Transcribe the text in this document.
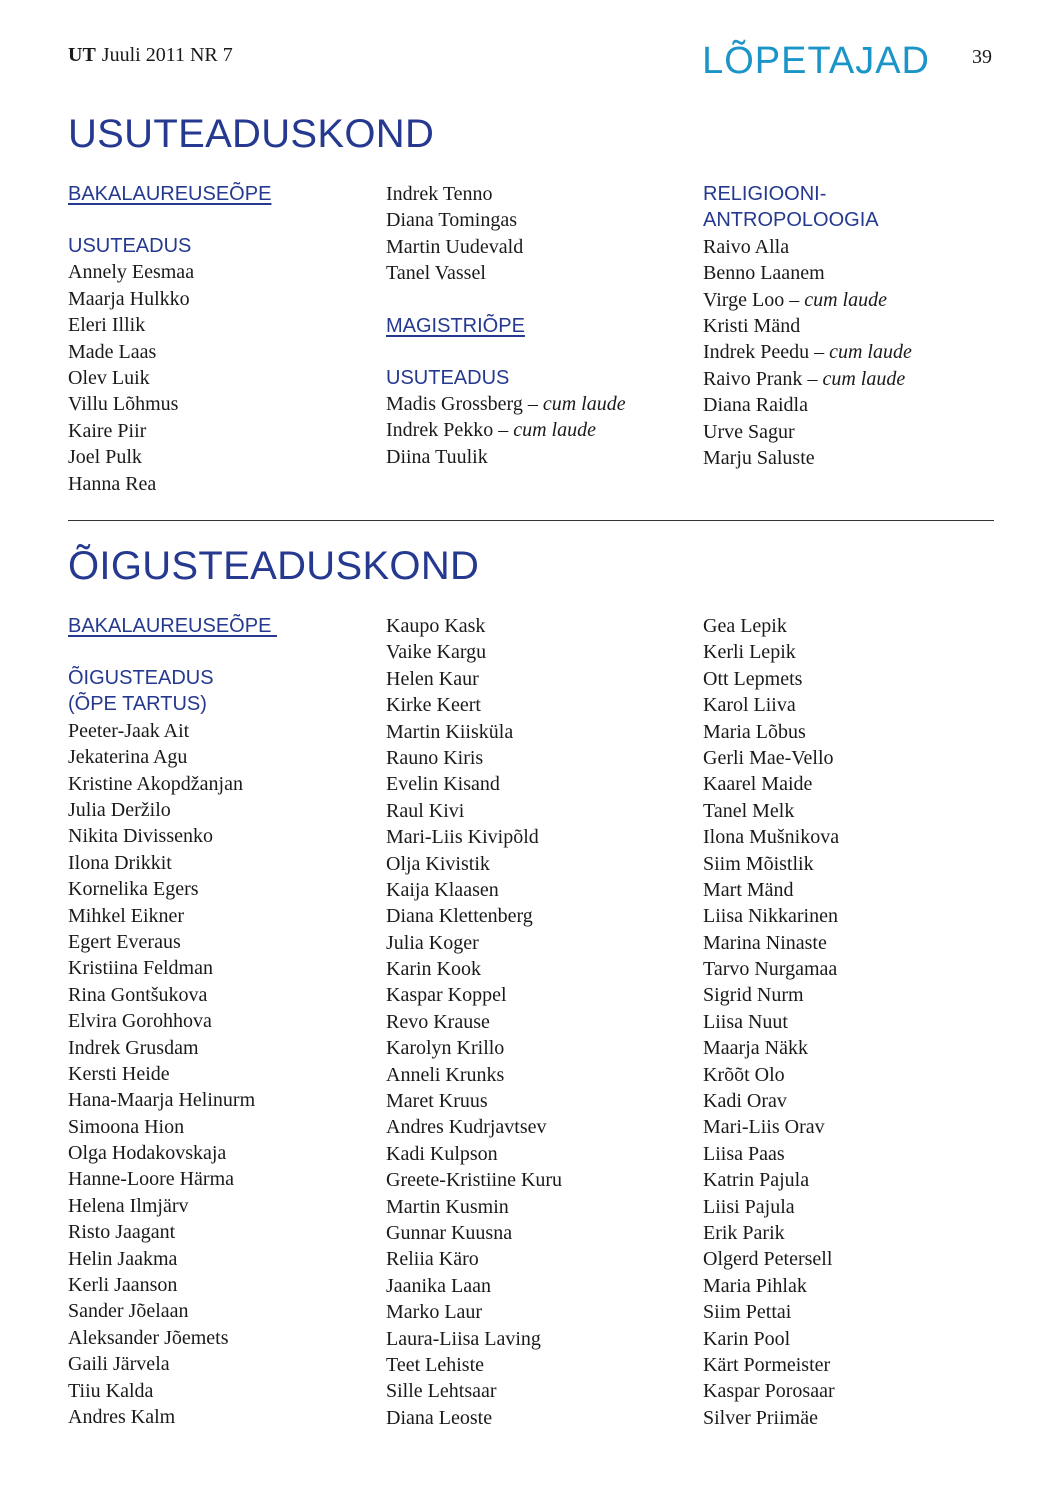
UT Juuli 2011 NR 7	LÕPETAJAD 39
USUTEADUSKOND
BAKALAUREUSEÕPE

USUTEADUS

Annely Eesmaa
Maarja Hulkko
Eleri Illik
Made Laas
Olev Luik
Villu Lõhmus
Kaire Piir
Joel Pulk
Hanna Rea
Indrek Tenno
Diana Tomingas
Martin Uudevald
Tanel Vassel
MAGISTRIÕPE

USUTEADUS

Madis Grossberg – cum laude
Indrek Pekko – cum laude
Diina Tuulik

RELIGIOONI-

ANTROPOLOOGIA

Raivo Alla
Benno Laanem
Virge Loo – cum laude
Kristi Mänd
Indrek Peedu – cum laude
Raivo Prank – cum laude
Diana Raidla
Urve Sagur
Marju Saluste
ÕIGUSTEADUSKOND
BAKALAUREUSEÕPE

ÕIGUSTEADUS

(ÕPE TARTUS)

Peeter-Jaak Ait
Jekaterina Agu
Kristine Akopdžanjan
Julia Deržilo
Nikita Divissenko
Ilona Drikkit
Kornelika Egers
Mihkel Eikner
Egert Everaus
Kristiina Feldman
Rina Gontšukova
Elvira Gorohhova
Indrek Grusdam
Kersti Heide
Hana-Maarja Helinurm
Simoona Hion
Olga Hodakovskaja
Hanne-Loore Härma
Helena Ilmjärv
Risto Jaagant
Helin Jaakma
Kerli Jaanson
Sander Jõelaan
Aleksander Jõemets
Gaili Järvela
Tiiu Kalda
Andres Kalm
Kaupo Kask
Vaike Kargu
Helen Kaur
Kirke Keert
Martin Kiisküla
Rauno Kiris
Evelin Kisand
Raul Kivi
Mari-Liis Kivipõld
Olja Kivistik
Kaija Klaasen
Diana Klettenberg
Julia Koger
Karin Kook
Kaspar Koppel
Revo Krause
Karolyn Krillo
Anneli Krunks
Maret Kruus
Andres Kudrjavtsev
Kadi Kulpson
Greete-Kristiine Kuru
Martin Kusmin
Gunnar Kuusna
Reliia Käro
Jaanika Laan
Marko Laur
Laura-Liisa Laving
Teet Lehiste
Sille Lehtsaar
Diana Leoste
Gea Lepik
Kerli Lepik
Ott Lepmets
Karol Liiva
Maria Lõbus
Gerli Mae-Vello
Kaarel Maide
Tanel Melk
Ilona Mušnikova
Siim Mõistlik
Mart Mänd
Liisa Nikkarinen
Marina Ninaste
Tarvo Nurgamaa
Sigrid Nurm
Liisa Nuut
Maarja Näkk
Krõõt Olo
Kadi Orav
Mari-Liis Orav
Liisa Paas
Katrin Pajula
Liisi Pajula
Erik Parik
Olgerd Petersell
Maria Pihlak
Siim Pettai
Karin Pool
Kärt Pormeister
Kaspar Porosaar
Silver Priimäe
